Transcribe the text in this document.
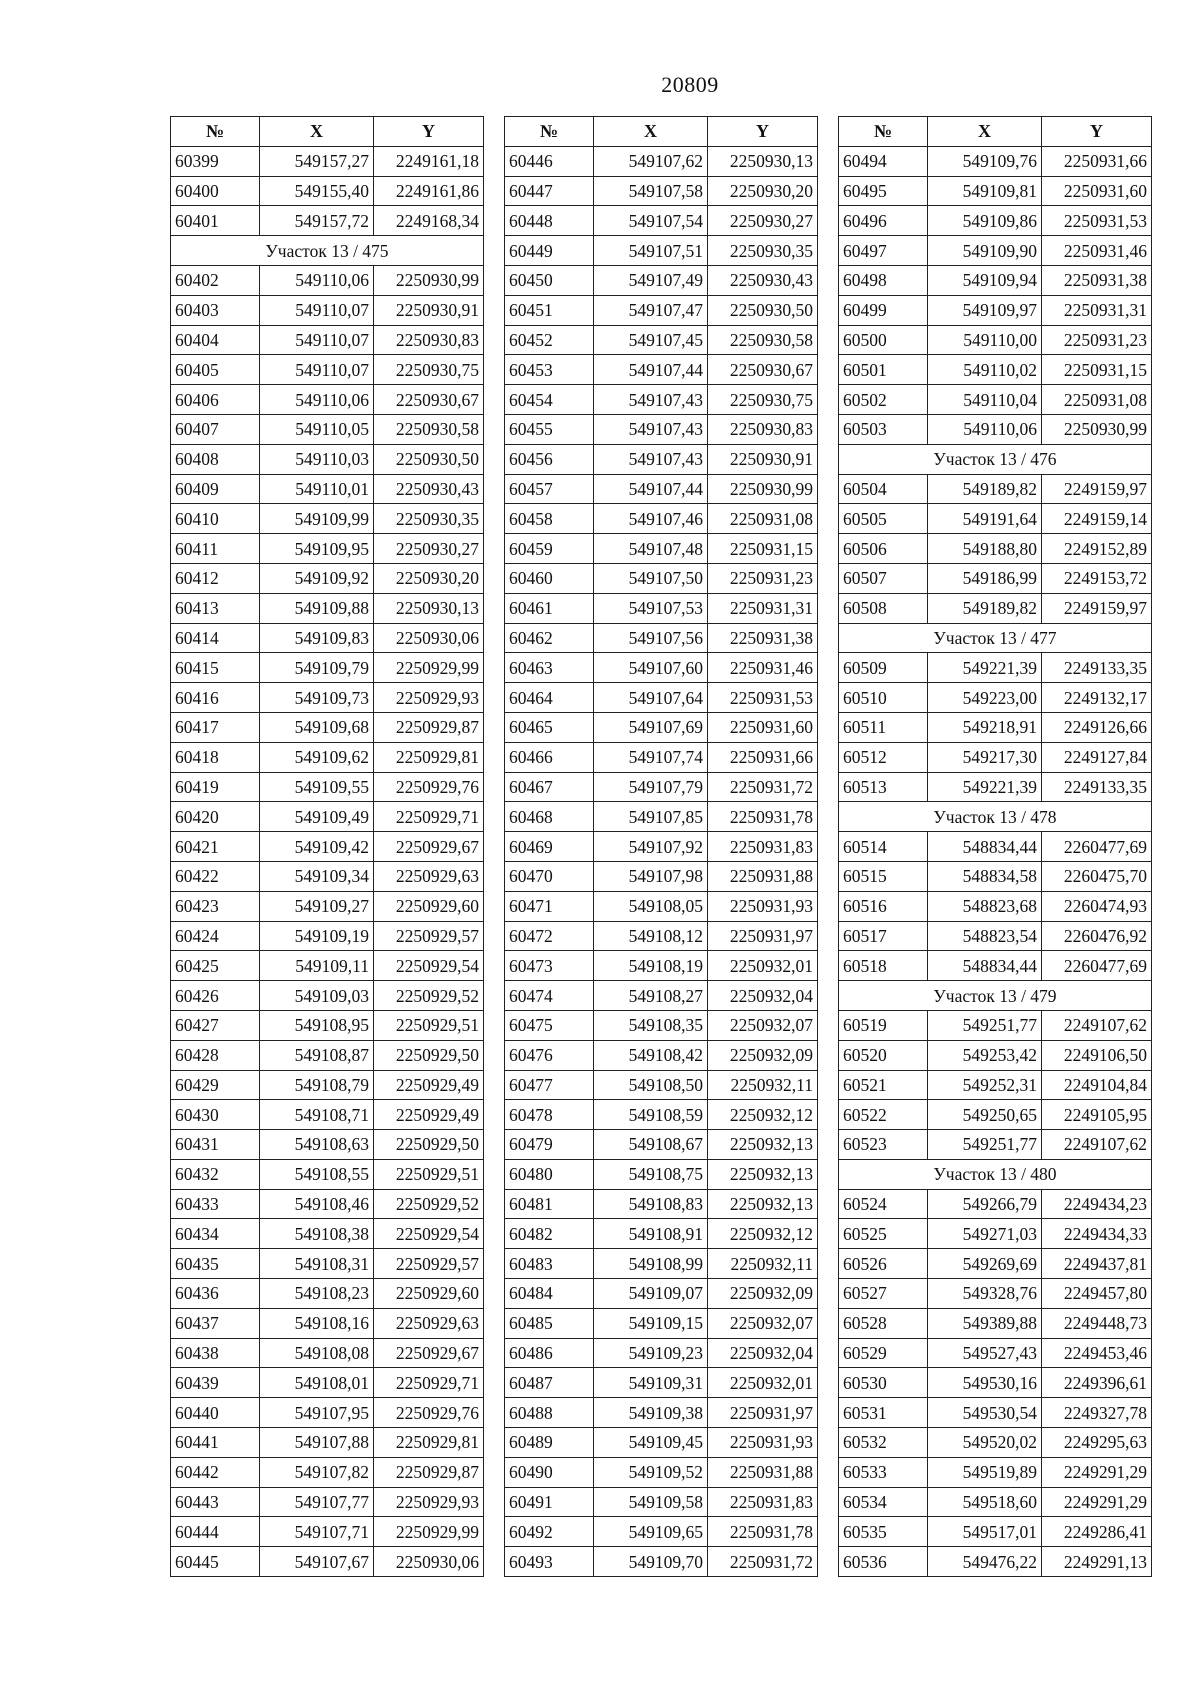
20809
№	X	Y
60399	549157,27	2249161,18
60400	549155,40	2249161,86
60401	549157,72	2249168,34
Участок 13 / 475		
60402	549110,06	2250930,99
60403	549110,07	2250930,91
60404	549110,07	2250930,83
60405	549110,07	2250930,75
60406	549110,06	2250930,67
60407	549110,05	2250930,58
60408	549110,03	2250930,50
60409	549110,01	2250930,43
60410	549109,99	2250930,35
60411	549109,95	2250930,27
60412	549109,92	2250930,20
60413	549109,88	2250930,13
60414	549109,83	2250930,06
60415	549109,79	2250929,99
60416	549109,73	2250929,93
60417	549109,68	2250929,87
60418	549109,62	2250929,81
60419	549109,55	2250929,76
60420	549109,49	2250929,71
60421	549109,42	2250929,67
60422	549109,34	2250929,63
60423	549109,27	2250929,60
60424	549109,19	2250929,57
60425	549109,11	2250929,54
60426	549109,03	2250929,52
60427	549108,95	2250929,51
60428	549108,87	2250929,50
60429	549108,79	2250929,49
60430	549108,71	2250929,49
60431	549108,63	2250929,50
60432	549108,55	2250929,51
60433	549108,46	2250929,52
60434	549108,38	2250929,54
60435	549108,31	2250929,57
60436	549108,23	2250929,60
60437	549108,16	2250929,63
60438	549108,08	2250929,67
60439	549108,01	2250929,71
60440	549107,95	2250929,76
60441	549107,88	2250929,81
60442	549107,82	2250929,87
60443	549107,77	2250929,93
60444	549107,71	2250929,99
60445	549107,67	2250930,06
№	X	Y
60446	549107,62	2250930,13
60447	549107,58	2250930,20
60448	549107,54	2250930,27
60449	549107,51	2250930,35
60450	549107,49	2250930,43
60451	549107,47	2250930,50
60452	549107,45	2250930,58
60453	549107,44	2250930,67
60454	549107,43	2250930,75
60455	549107,43	2250930,83
60456	549107,43	2250930,91
60457	549107,44	2250930,99
60458	549107,46	2250931,08
60459	549107,48	2250931,15
60460	549107,50	2250931,23
60461	549107,53	2250931,31
60462	549107,56	2250931,38
60463	549107,60	2250931,46
60464	549107,64	2250931,53
60465	549107,69	2250931,60
60466	549107,74	2250931,66
60467	549107,79	2250931,72
60468	549107,85	2250931,78
60469	549107,92	2250931,83
60470	549107,98	2250931,88
60471	549108,05	2250931,93
60472	549108,12	2250931,97
60473	549108,19	2250932,01
60474	549108,27	2250932,04
60475	549108,35	2250932,07
60476	549108,42	2250932,09
60477	549108,50	2250932,11
60478	549108,59	2250932,12
60479	549108,67	2250932,13
60480	549108,75	2250932,13
60481	549108,83	2250932,13
60482	549108,91	2250932,12
60483	549108,99	2250932,11
60484	549109,07	2250932,09
60485	549109,15	2250932,07
60486	549109,23	2250932,04
60487	549109,31	2250932,01
60488	549109,38	2250931,97
60489	549109,45	2250931,93
60490	549109,52	2250931,88
60491	549109,58	2250931,83
60492	549109,65	2250931,78
60493	549109,70	2250931,72
№	X	Y
60494	549109,76	2250931,66
60495	549109,81	2250931,60
60496	549109,86	2250931,53
60497	549109,90	2250931,46
60498	549109,94	2250931,38
60499	549109,97	2250931,31
60500	549110,00	2250931,23
60501	549110,02	2250931,15
60502	549110,04	2250931,08
60503	549110,06	2250930,99
Участок 13 / 476		
60504	549189,82	2249159,97
60505	549191,64	2249159,14
60506	549188,80	2249152,89
60507	549186,99	2249153,72
60508	549189,82	2249159,97
Участок 13 / 477		
60509	549221,39	2249133,35
60510	549223,00	2249132,17
60511	549218,91	2249126,66
60512	549217,30	2249127,84
60513	549221,39	2249133,35
Участок 13 / 478		
60514	548834,44	2260477,69
60515	548834,58	2260475,70
60516	548823,68	2260474,93
60517	548823,54	2260476,92
60518	548834,44	2260477,69
Участок 13 / 479		
60519	549251,77	2249107,62
60520	549253,42	2249106,50
60521	549252,31	2249104,84
60522	549250,65	2249105,95
60523	549251,77	2249107,62
Участок 13 / 480		
60524	549266,79	2249434,23
60525	549271,03	2249434,33
60526	549269,69	2249437,81
60527	549328,76	2249457,80
60528	549389,88	2249448,73
60529	549527,43	2249453,46
60530	549530,16	2249396,61
60531	549530,54	2249327,78
60532	549520,02	2249295,63
60533	549519,89	2249291,29
60534	549518,60	2249291,29
60535	549517,01	2249286,41
60536	549476,22	2249291,13
